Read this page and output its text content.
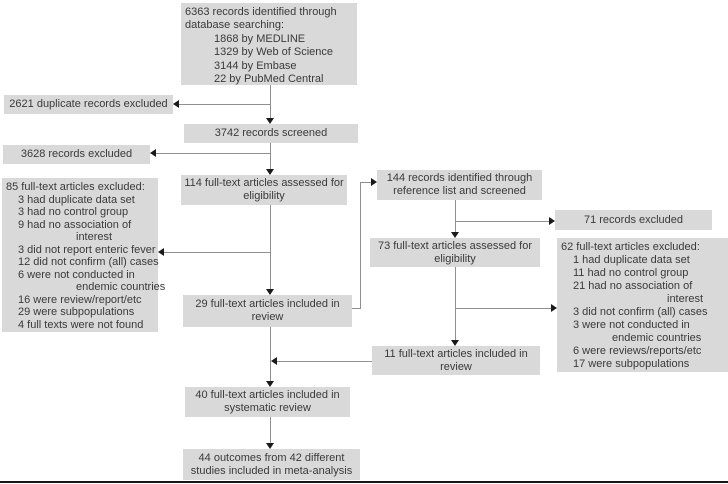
6363 records identified through
database searching:
1868 by MEDLINE
1329 by Web of Science
3144 by Embase
22 by PubMed Central
2621 duplicate records excluded
3742 records screened
3628 records excluded
114 full-text articles assessed for
eligibility
85 full-text articles excluded:
3 had duplicate data set
3 had no control group
9 had no association of
interest
3 did not report enteric fever
12 did not confirm (all) cases
6 were not conducted in
endemic countries
16 were review/report/etc
29 were subpopulations
4 full texts were not found
144 records identified through
reference list and screened
71 records excluded
73 full-text articles assessed for
eligibility
62 full-text articles excluded:
1 had duplicate data set
11 had no control group
21 had no association of
interest
3 did not confirm (all) cases
3 were not conducted in
endemic countries
6 were reviews/reports/etc
17 were subpopulations
29 full-text articles included in
review
11 full-text articles included in
review
40 full-text articles included in
systematic review
44 outcomes from 42 different
studies included in meta-analysis
